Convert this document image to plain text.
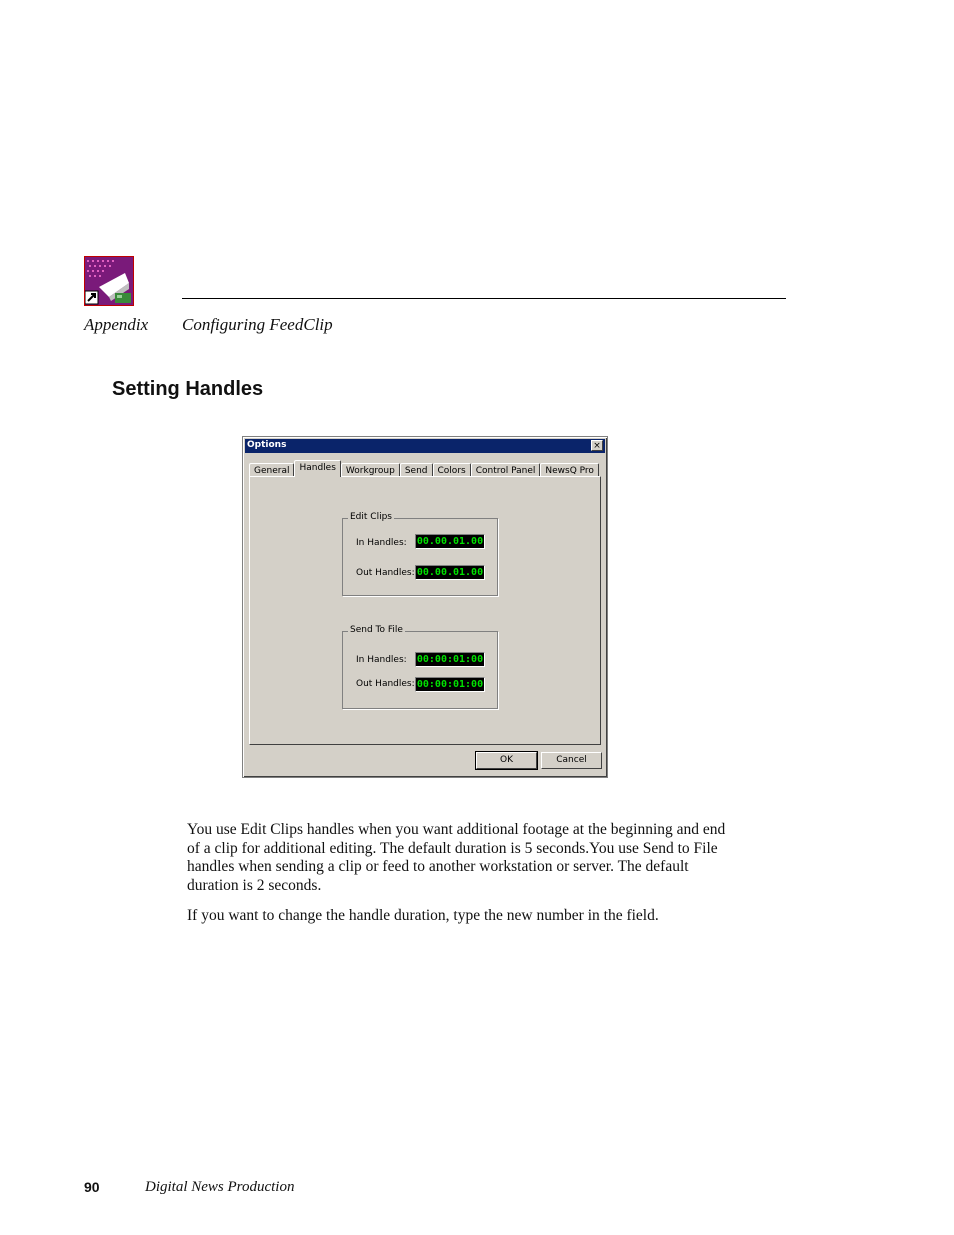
Appendix Configuring FeedClip
Setting Handles
Options	×
General	Handles	Workgroup	Send	Colors	Control Panel	NewsQ Pro
Edit Clips
In Handles: 00.00.01.00
Out Handles: 00.00.01.00
Send To File
In Handles: 00:00:01:00
Out Handles: 00:00:01:00
OK	Cancel
You use Edit Clips handles when you want additional footage at the beginning and end of a clip for additional editing. The default duration is 5 seconds.You use Send to File handles when sending a clip or feed to another workstation or server. The default duration is 2 seconds.
If you want to change the handle duration, type the new number in the field.
90	Digital News Production
